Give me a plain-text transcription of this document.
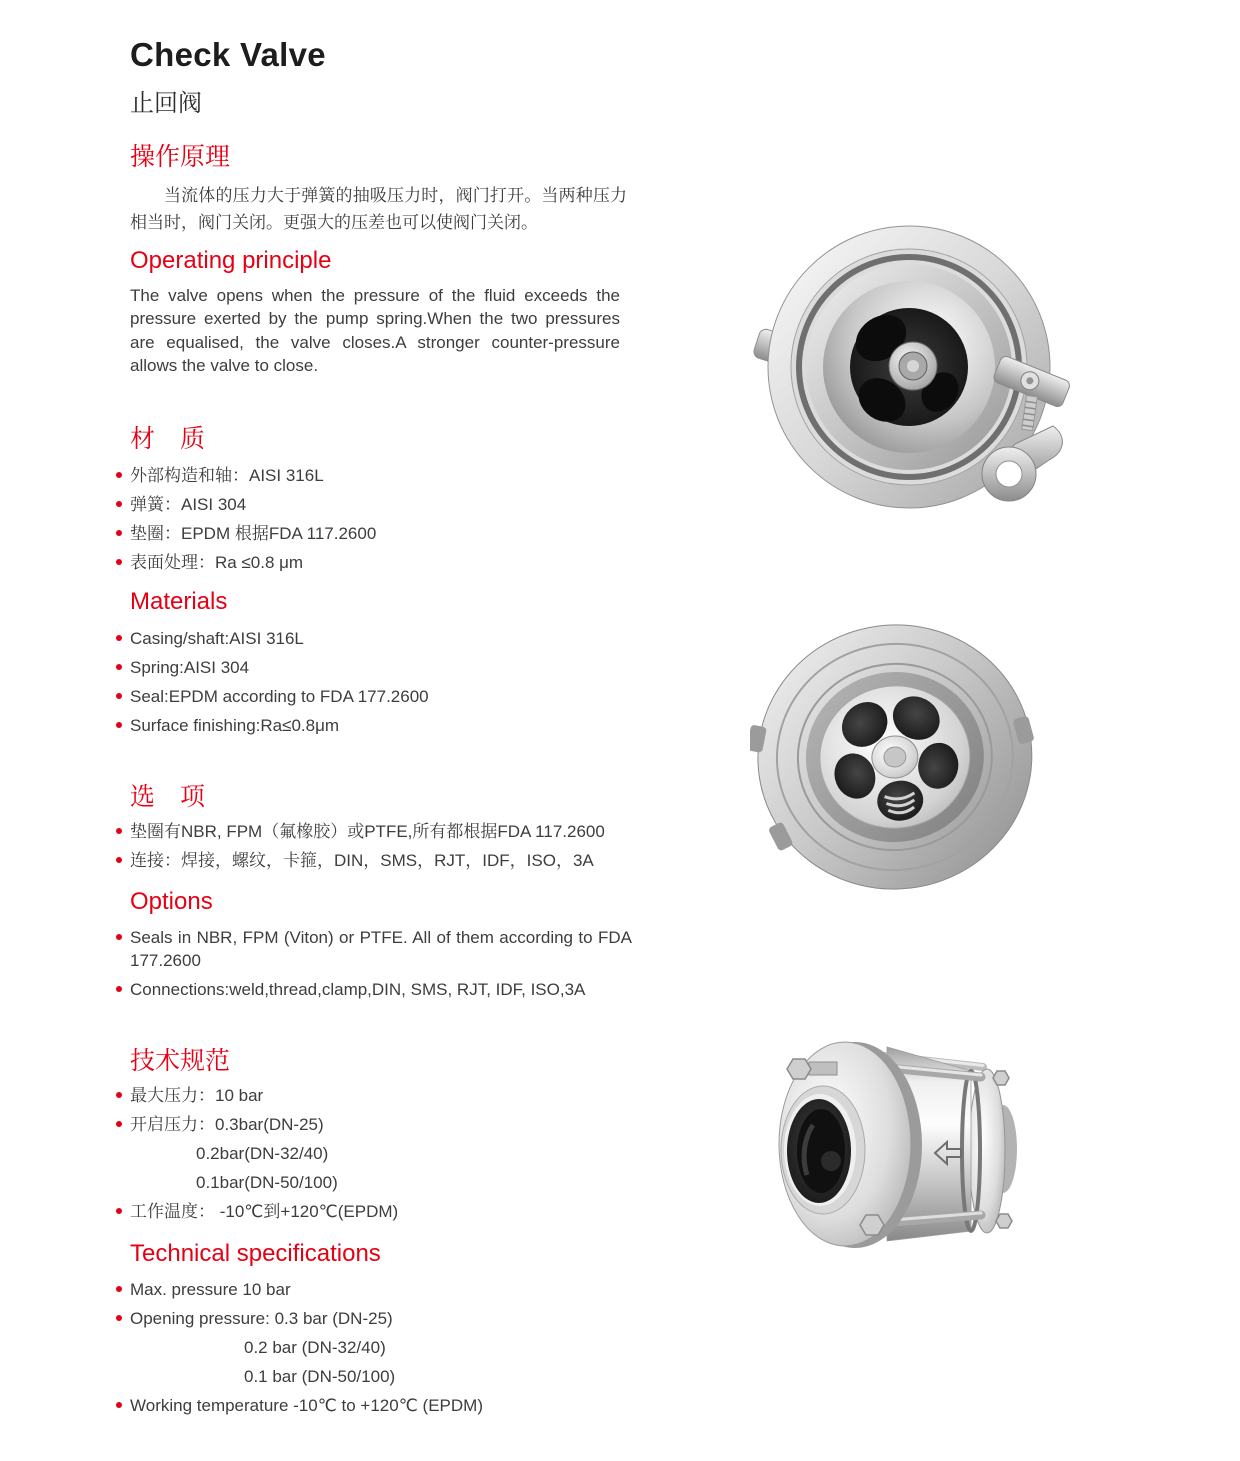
Check Valve
止回阀
操作原理

当流体的压力大于弹簧的抽吸压力时，阀门打开。当两种压力相当时，阀门关闭。更强大的压差也可以使阀门关闭。

Operating principle

The valve opens when the pressure of the fluid exceeds the pressure exerted by the pump spring.When the two pressures are equalised, the valve closes.A stronger counter-pressure allows the valve to close.

材　质
外部构造和轴：AISI 316L
弹簧：AISI 304
垫圈：EPDM 根据FDA 117.2600
表面处理：Ra ≤0.8 μm
Materials
Casing/shaft:AISI 316L
Spring:AISI 304
Seal:EPDM according to FDA 177.2600
Surface finishing:Ra≤0.8μm
选　项
垫圈有NBR, FPM（氟橡胶）或PTFE,所有都根据FDA 117.2600
连接：焊接，螺纹，卡箍，DIN，SMS，RJT，IDF，ISO，3A
Options
Seals in NBR, FPM (Viton) or PTFE. All of them according to FDA 177.2600
Connections:weld,thread,clamp,DIN, SMS, RJT, IDF, ISO,3A
技术规范
最大压力：10 bar
开启压力：0.3bar(DN-25)
0.2bar(DN-32/40)
0.1bar(DN-50/100)
工作温度： -10℃到+120℃(EPDM)
Technical specifications
Max. pressure 10 bar
Opening pressure: 0.3 bar (DN-25)
0.2 bar (DN-32/40)
0.1 bar (DN-50/100)
Working temperature -10℃ to +120℃ (EPDM)
